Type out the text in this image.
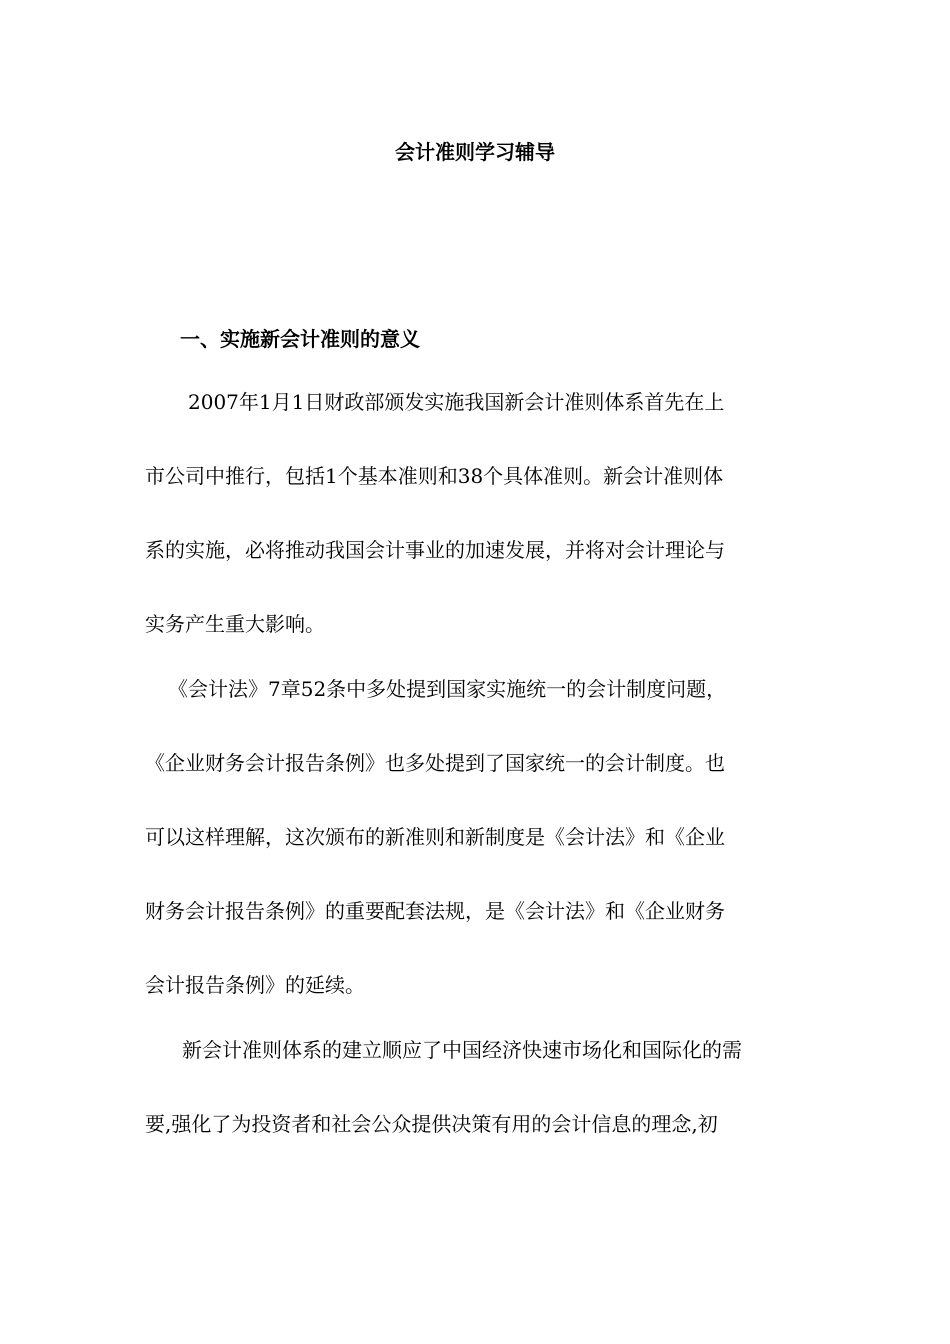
会计准则学习辅导
一、实施新会计准则的意义

2007年1月1日财政部颁发实施我国新会计准则体系首先在上

市公司中推行，包括1个基本准则和38个具体准则。新会计准则体

系的实施，必将推动我国会计事业的加速发展，并将对会计理论与

实务产生重大影响。

《会计法》7章52条中多处提到国家实施统一的会计制度问题，

《企业财务会计报告条例》也多处提到了国家统一的会计制度。也

可以这样理解，这次颁布的新准则和新制度是《会计法》和《企业

财务会计报告条例》的重要配套法规，是《会计法》和《企业财务

会计报告条例》的延续。

新会计准则体系的建立顺应了中国经济快速市场化和国际化的需

要,强化了为投资者和社会公众提供决策有用的会计信息的理念,初
